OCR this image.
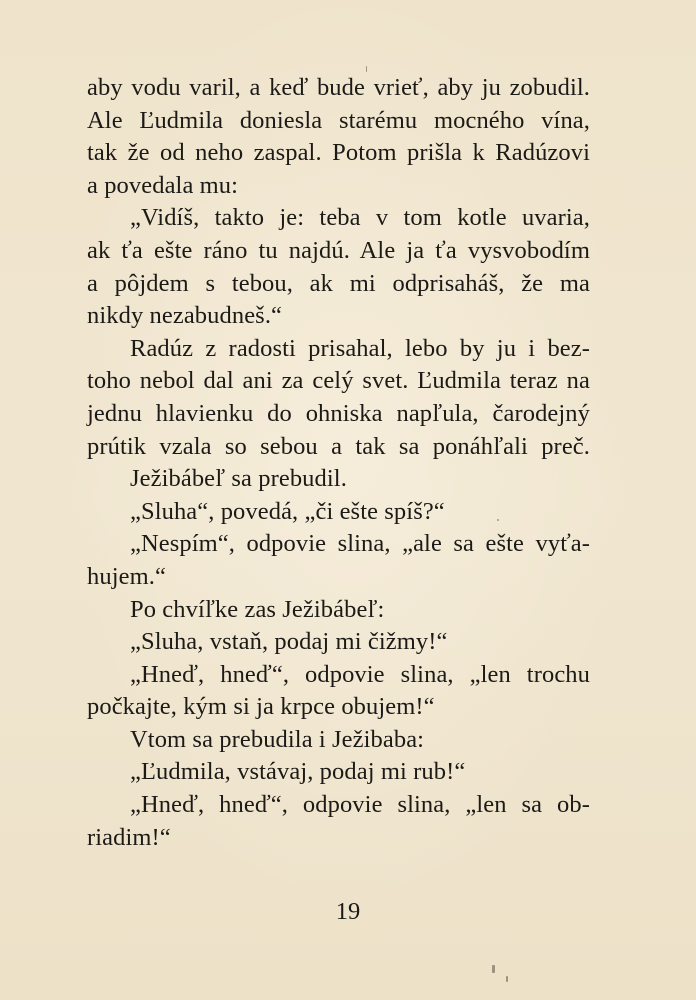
aby vodu varil, a keď bude vrieť, aby ju zobudil.
Ale Ľudmila doniesla starému mocného vína,
tak že od neho zaspal. Potom prišla k Radúzovi
a povedala mu:
„Vidíš, takto je: teba v tom kotle uvaria,
ak ťa ešte ráno tu najdú. Ale ja ťa vysvobodím
a pôjdem s tebou, ak mi odprisaháš, že ma
nikdy nezabudneš.“
Radúz z radosti prisahal, lebo by ju i bez-
toho nebol dal ani za celý svet. Ľudmila teraz na
jednu hlavienku do ohniska napľula, čarodejný
prútik vzala so sebou a tak sa ponáhľali preč.
Ježibábeľ sa prebudil.
„Sluha“, povedá, „či ešte spíš?“
„Nespím“, odpovie slina, „ale sa ešte vyťa-
hujem.“
Po chvíľke zas Ježibábeľ:
„Sluha, vstaň, podaj mi čižmy!“
„Hneď, hneď“, odpovie slina, „len trochu
počkajte, kým si ja krpce obujem!“
Vtom sa prebudila i Ježibaba:
„Ľudmila, vstávaj, podaj mi rub!“
„Hneď, hneď“, odpovie slina, „len sa ob-
riadim!“
19
